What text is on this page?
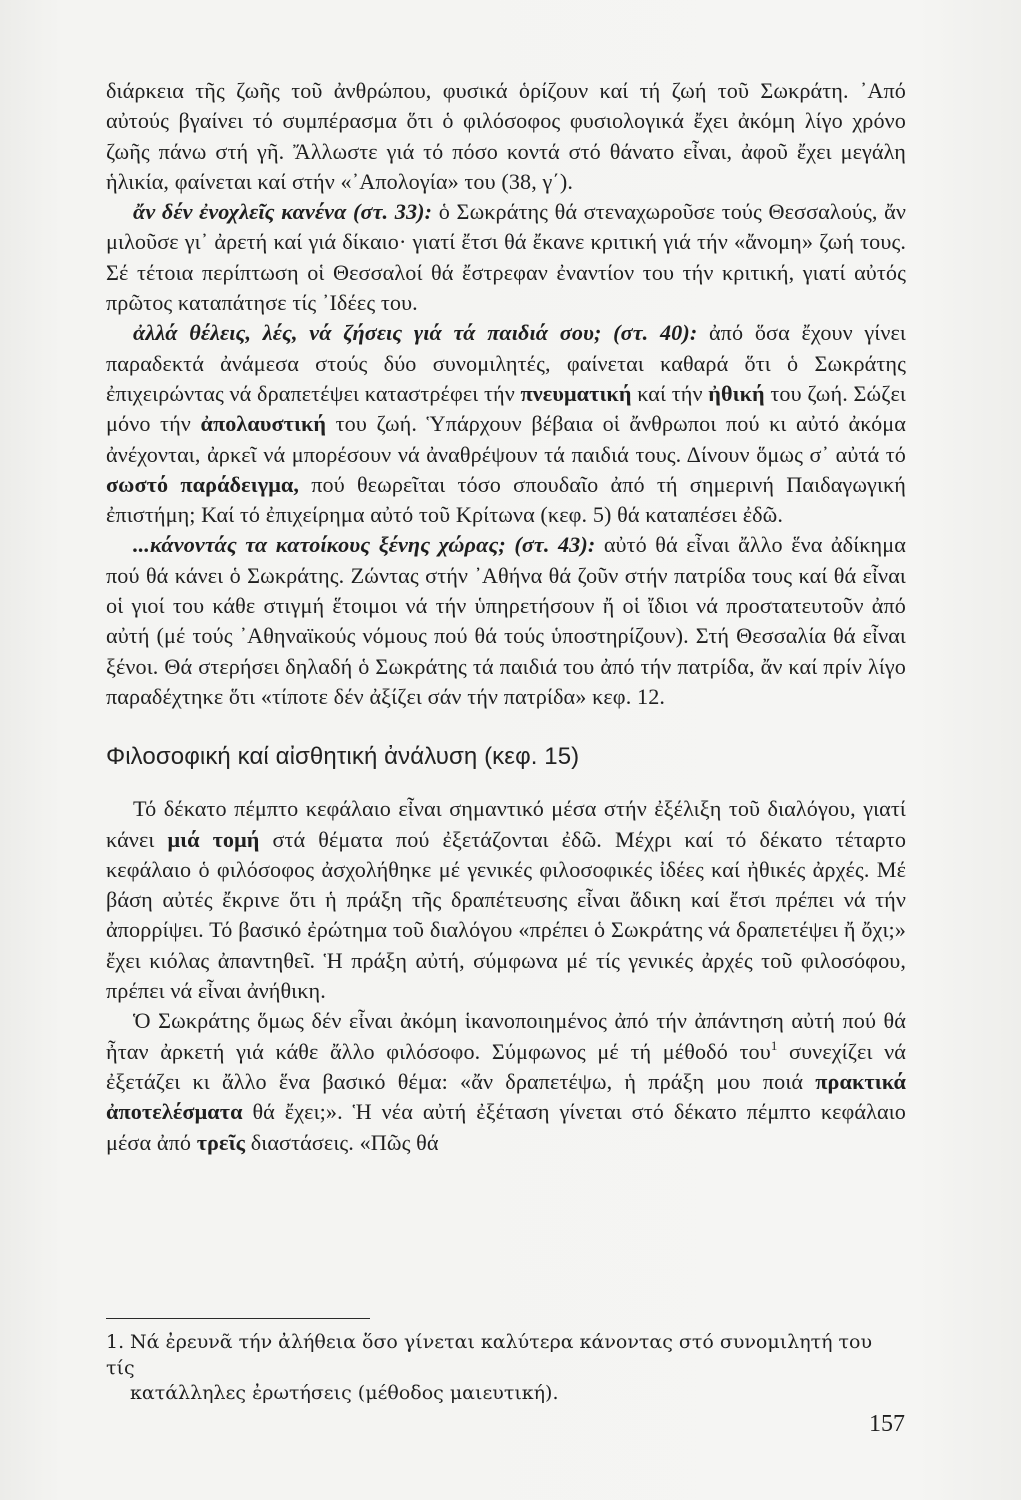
διάρκεια τῆς ζωῆς τοῦ ἀνθρώπου, φυσικά ὁρίζουν καί τή ζωή τοῦ Σωκράτη. ᾽Από αὐτούς βγαίνει τό συμπέρασμα ὅτι ὁ φιλόσοφος φυσιολογικά ἔχει ἀκόμη λίγο χρόνο ζωῆς πάνω στή γῆ. Ἄλλωστε γιά τό πόσο κοντά στό θάνατο εἶναι, ἀφοῦ ἔχει μεγάλη ἡλικία, φαίνεται καί στήν «᾽Απολογία» του (38, γ΄).

ἄν δέν ἐνοχλεῖς κανένα (στ. 33): ὁ Σωκράτης θά στεναχωροῦσε τούς Θεσσαλούς, ἄν μιλοῦσε γι᾽ ἀρετή καί γιά δίκαιο· γιατί ἔτσι θά ἔκανε κριτική γιά τήν «ἄνομη» ζωή τους. Σέ τέτοια περίπτωση οἱ Θεσσαλοί θά ἔστρεφαν ἐναντίον του τήν κριτική, γιατί αὐτός πρῶτος καταπάτησε τίς ᾽Ιδέες του.

ἀλλά θέλεις, λές, νά ζήσεις γιά τά παιδιά σου; (στ. 40): ἀπό ὅσα ἔχουν γίνει παραδεκτά ἀνάμεσα στούς δύο συνομιλητές, φαίνεται καθαρά ὅτι ὁ Σωκράτης ἐπιχειρώντας νά δραπετέψει καταστρέφει τήν πνευματική καί τήν ἠθική του ζωή. Σώζει μόνο τήν ἀπολαυστική του ζωή. Ὑπάρχουν βέβαια οἱ ἄνθρωποι πού κι αὐτό ἀκόμα ἀνέχονται, ἀρκεῖ νά μπορέσουν νά ἀναθρέψουν τά παιδιά τους. Δίνουν ὅμως σ᾽ αὐτά τό σωστό παράδειγμα, πού θεωρεῖται τόσο σπουδαῖο ἀπό τή σημερινή Παιδαγωγική ἐπιστήμη; Καί τό ἐπιχείρημα αὐτό τοῦ Κρίτωνα (κεφ. 5) θά καταπέσει ἐδῶ.

...κάνοντάς τα κατοίκους ξένης χώρας; (στ. 43): αὐτό θά εἶναι ἄλλο ἕνα ἀδίκημα πού θά κάνει ὁ Σωκράτης. Ζώντας στήν ᾽Αθήνα θά ζοῦν στήν πατρίδα τους καί θά εἶναι οἱ γιοί του κάθε στιγμή ἕτοιμοι νά τήν ὑπηρετήσουν ἤ οἱ ἴδιοι νά προστατευτοῦν ἀπό αὐτή (μέ τούς ᾽Αθηναϊκούς νόμους πού θά τούς ὑποστηρίζουν). Στή Θεσσαλία θά εἶναι ξένοι. Θά στερήσει δηλαδή ὁ Σωκράτης τά παιδιά του ἀπό τήν πατρίδα, ἄν καί πρίν λίγο παραδέχτηκε ὅτι «τίποτε δέν ἀξίζει σάν τήν πατρίδα» κεφ. 12.

Φιλοσοφική καί αἰσθητική ἀνάλυση (κεφ. 15)

Τό δέκατο πέμπτο κεφάλαιο εἶναι σημαντικό μέσα στήν ἐξέλιξη τοῦ διαλόγου, γιατί κάνει μιά τομή στά θέματα πού ἐξετάζονται ἐδῶ. Μέχρι καί τό δέκατο τέταρτο κεφάλαιο ὁ φιλόσοφος ἀσχολήθηκε μέ γενικές φιλοσοφικές ἰδέες καί ἠθικές ἀρχές. Μέ βάση αὐτές ἔκρινε ὅτι ἡ πράξη τῆς δραπέτευσης εἶναι ἄδικη καί ἔτσι πρέπει νά τήν ἀπορρίψει. Τό βασικό ἐρώτημα τοῦ διαλόγου «πρέπει ὁ Σωκράτης νά δραπετέψει ἤ ὄχι;» ἔχει κιόλας ἀπαντηθεῖ. Ἡ πράξη αὐτή, σύμφωνα μέ τίς γενικές ἀρχές τοῦ φιλοσόφου, πρέπει νά εἶναι ἀνήθικη.

Ὁ Σωκράτης ὅμως δέν εἶναι ἀκόμη ἱκανοποιημένος ἀπό τήν ἀπάντηση αὐτή πού θά ἦταν ἀρκετή γιά κάθε ἄλλο φιλόσοφο. Σύμφωνος μέ τή μέθοδό του$^1$ συνεχίζει νά ἐξετάζει κι ἄλλο ἕνα βασικό θέμα: «ἄν δραπετέψω, ἡ πράξη μου ποιά πρακτικά ἀποτελέσματα θά ἔχει;». Ἡ νέα αὐτή ἐξέταση γίνεται στό δέκατο πέμπτο κεφάλαιο μέσα ἀπό τρεῖς διαστάσεις. «Πῶς θά

1. Νά ἐρευνᾶ τήν ἀλήθεια ὅσο γίνεται καλύτερα κάνοντας στό συνομιλητή του τίς
κατάλληλες ἐρωτήσεις (μέθοδος μαιευτική).
157
